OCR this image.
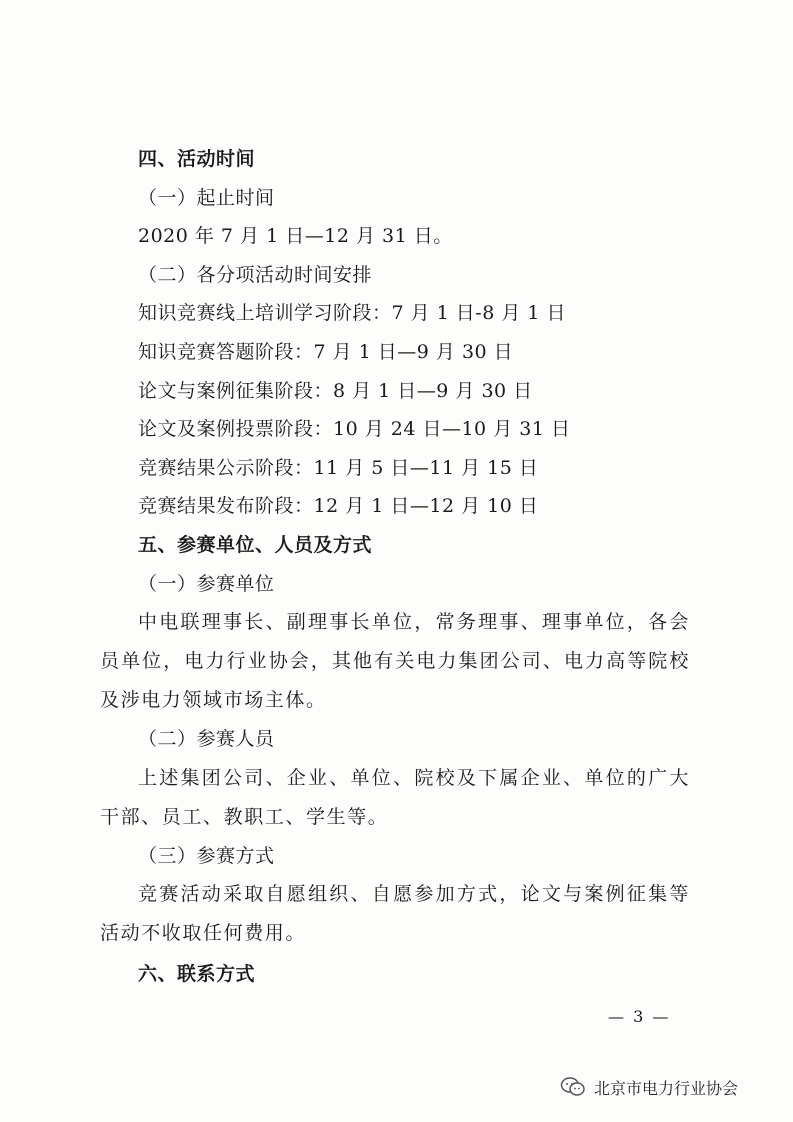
四、活动时间
（一）起止时间
2020 年 7 月 1 日—12 月 31 日。
（二）各分项活动时间安排
知识竞赛线上培训学习阶段：7 月 1 日-8 月 1 日
知识竞赛答题阶段：7 月 1 日—9 月 30 日
论文与案例征集阶段：8 月 1 日—9 月 30 日
论文及案例投票阶段：10 月 24 日—10 月 31 日
竞赛结果公示阶段：11 月 5 日—11 月 15 日
竞赛结果发布阶段：12 月 1 日—12 月 10 日
五、参赛单位、人员及方式
（一）参赛单位

中电联理事长、副理事长单位，常务理事、理事单位，各会员单位，电力行业协会，其他有关电力集团公司、电力高等院校及涉电力领域市场主体。

（二）参赛人员

上述集团公司、企业、单位、院校及下属企业、单位的广大干部、员工、教职工、学生等。

（三）参赛方式

竞赛活动采取自愿组织、自愿参加方式，论文与案例征集等活动不收取任何费用。

六、联系方式
— 3 —
北京市电力行业协会
